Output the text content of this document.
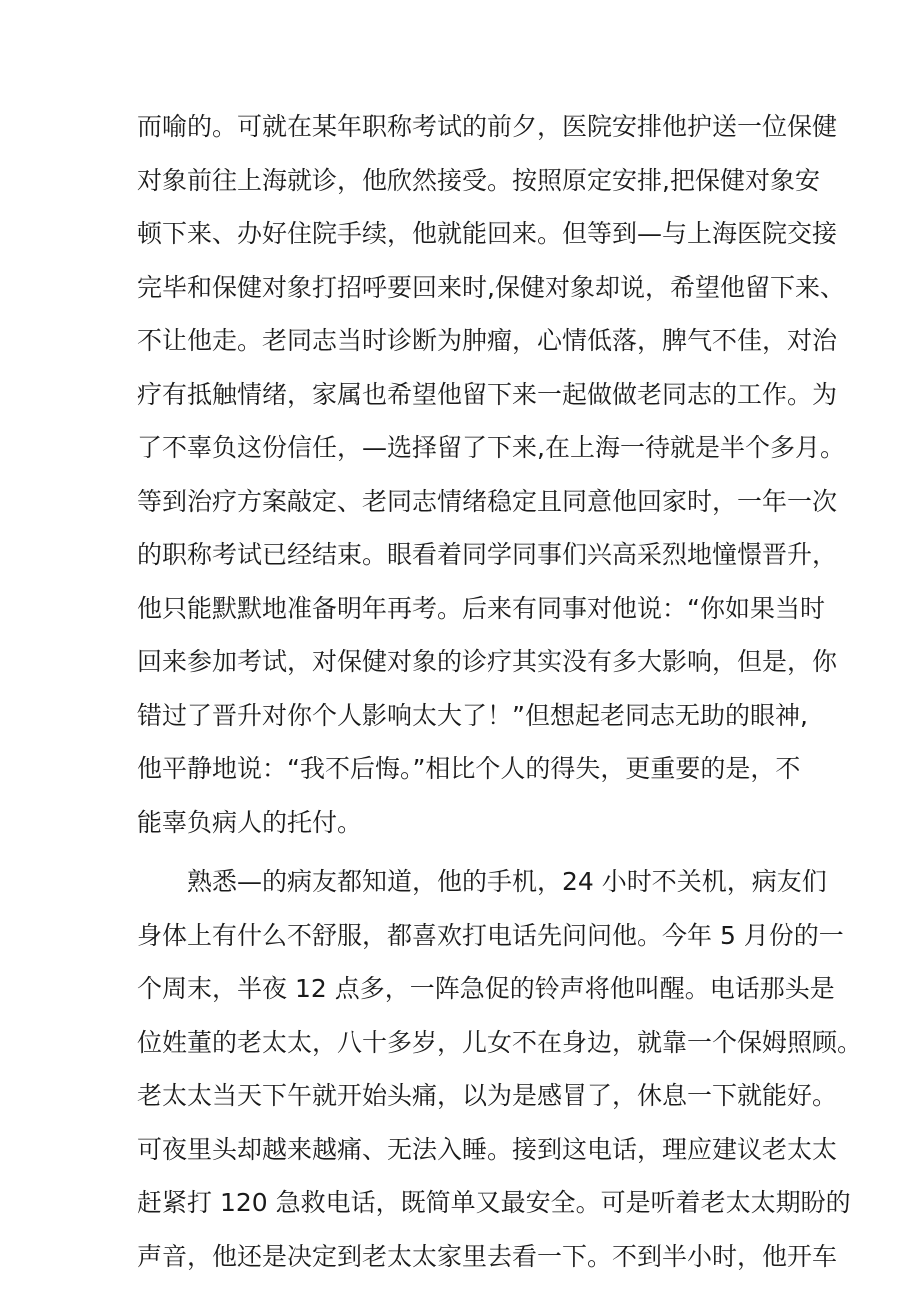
而喻的。可就在某年职称考试的前夕，医院安排他护送一位保健
对象前往上海就诊，他欣然接受。按照原定安排,把保健对象安
顿下来、办好住院手续，他就能回来。但等到—与上海医院交接
完毕和保健对象打招呼要回来时,保健对象却说，希望他留下来、
不让他走。老同志当时诊断为肿瘤，心情低落，脾气不佳，对治
疗有抵触情绪，家属也希望他留下来一起做做老同志的工作。为
了不辜负这份信任，—选择留了下来,在上海一待就是半个多月。
等到治疗方案敲定、老同志情绪稳定且同意他回家时，一年一次
的职称考试已经结束。眼看着同学同事们兴高采烈地憧憬晋升，
他只能默默地准备明年再考。后来有同事对他说：“你如果当时
回来参加考试，对保健对象的诊疗其实没有多大影响，但是，你
错过了晋升对你个人影响太大了！”但想起老同志无助的眼神,
他平静地说：“我不后悔。”相比个人的得失，更重要的是，不
能辜负病人的托付。
熟悉—的病友都知道，他的手机，24 小时不关机，病友们
身体上有什么不舒服，都喜欢打电话先问问他。今年 5 月份的一
个周末，半夜 12 点多，一阵急促的铃声将他叫醒。电话那头是
位姓董的老太太，八十多岁，儿女不在身边，就靠一个保姆照顾。
老太太当天下午就开始头痛，以为是感冒了，休息一下就能好。
可夜里头却越来越痛、无法入睡。接到这电话，理应建议老太太
赶紧打 120 急救电话，既简单又最安全。可是听着老太太期盼的
声音，他还是决定到老太太家里去看一下。不到半小时，他开车
